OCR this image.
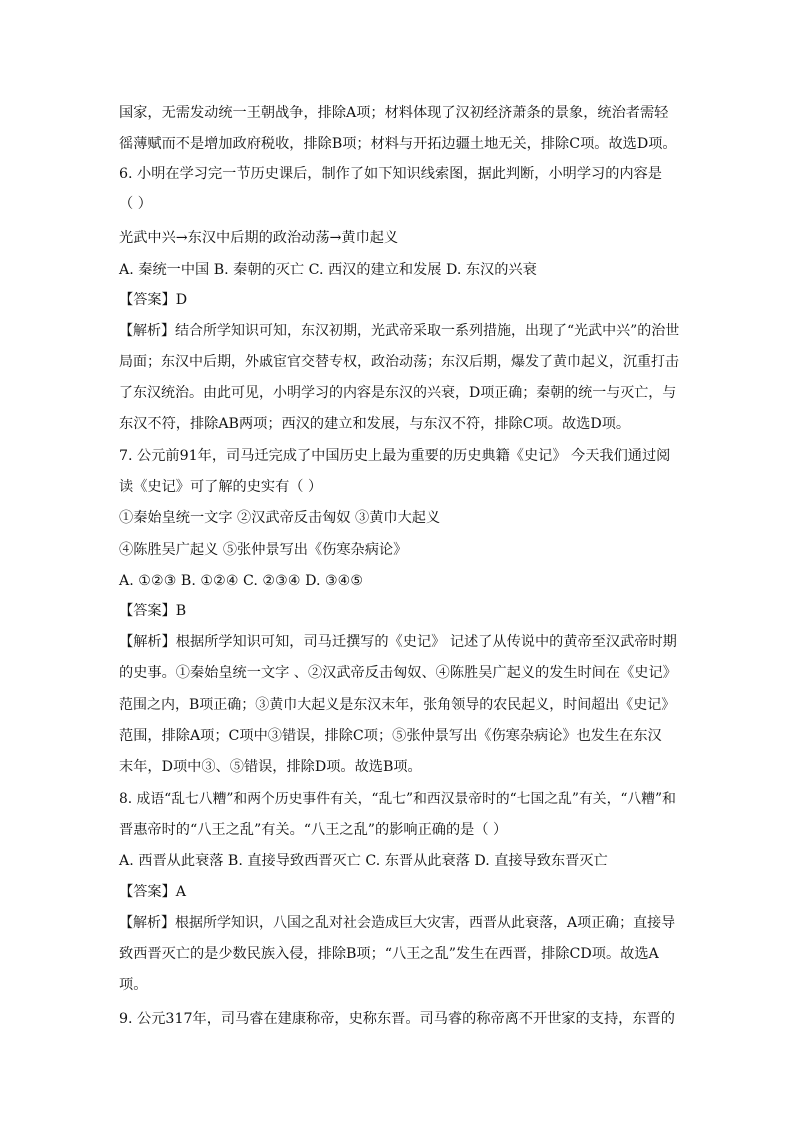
国家，无需发动统一王朝战争，排除A项；材料体现了汉初经济萧条的景象，统治者需轻
徭薄赋而不是增加政府税收，排除B项；材料与开拓边疆土地无关，排除C项。故选D项。
6. 小明在学习完一节历史课后，制作了如下知识线索图，据此判断，小明学习的内容是
（ ）
光武中兴→东汉中后期的政治动荡→黄巾起义
A. 秦统一中国 B. 秦朝的灭亡 C. 西汉的建立和发展 D. 东汉的兴衰
【答案】D
【解析】结合所学知识可知，东汉初期，光武帝采取一系列措施，出现了“光武中兴”的治世
局面；东汉中后期，外戚宦官交替专权，政治动荡；东汉后期，爆发了黄巾起义，沉重打击
了东汉统治。由此可见，小明学习的内容是东汉的兴衰，D项正确；秦朝的统一与灭亡，与
东汉不符，排除AB两项；西汉的建立和发展，与东汉不符，排除C项。故选D项。
7. 公元前91年，司马迁完成了中国历史上最为重要的历史典籍《史记》 今天我们通过阅
读《史记》可了解的史实有（ ）
①秦始皇统一文字 ②汉武帝反击匈奴 ③黄巾大起义
④陈胜吴广起义 ⑤张仲景写出《伤寒杂病论》
A. ①②③ B. ①②④ C. ②③④ D. ③④⑤
【答案】B
【解析】根据所学知识可知，司马迁撰写的《史记》 记述了从传说中的黄帝至汉武帝时期
的史事。①秦始皇统一文字 、②汉武帝反击匈奴、④陈胜吴广起义的发生时间在《史记》
范围之内，B项正确；③黄巾大起义是东汉末年，张角领导的农民起义，时间超出《史记》
范围，排除A项；C项中③错误，排除C项；⑤张仲景写出《伤寒杂病论》也发生在东汉
末年，D项中③、⑤错误，排除D项。故选B项。
8. 成语“乱七八糟”和两个历史事件有关，“乱七”和西汉景帝时的“七国之乱”有关，“八糟”和
晋惠帝时的“八王之乱”有关。“八王之乱”的影响正确的是（ ）
A. 西晋从此衰落 B. 直接导致西晋灭亡 C. 东晋从此衰落 D. 直接导致东晋灭亡
【答案】A
【解析】根据所学知识，八国之乱对社会造成巨大灾害，西晋从此衰落，A项正确；直接导
致西晋灭亡的是少数民族入侵，排除B项；“八王之乱”发生在西晋，排除CD项。故选A
项。
9. 公元317年，司马睿在建康称帝，史称东晋。司马睿的称帝离不开世家的支持，东晋的
